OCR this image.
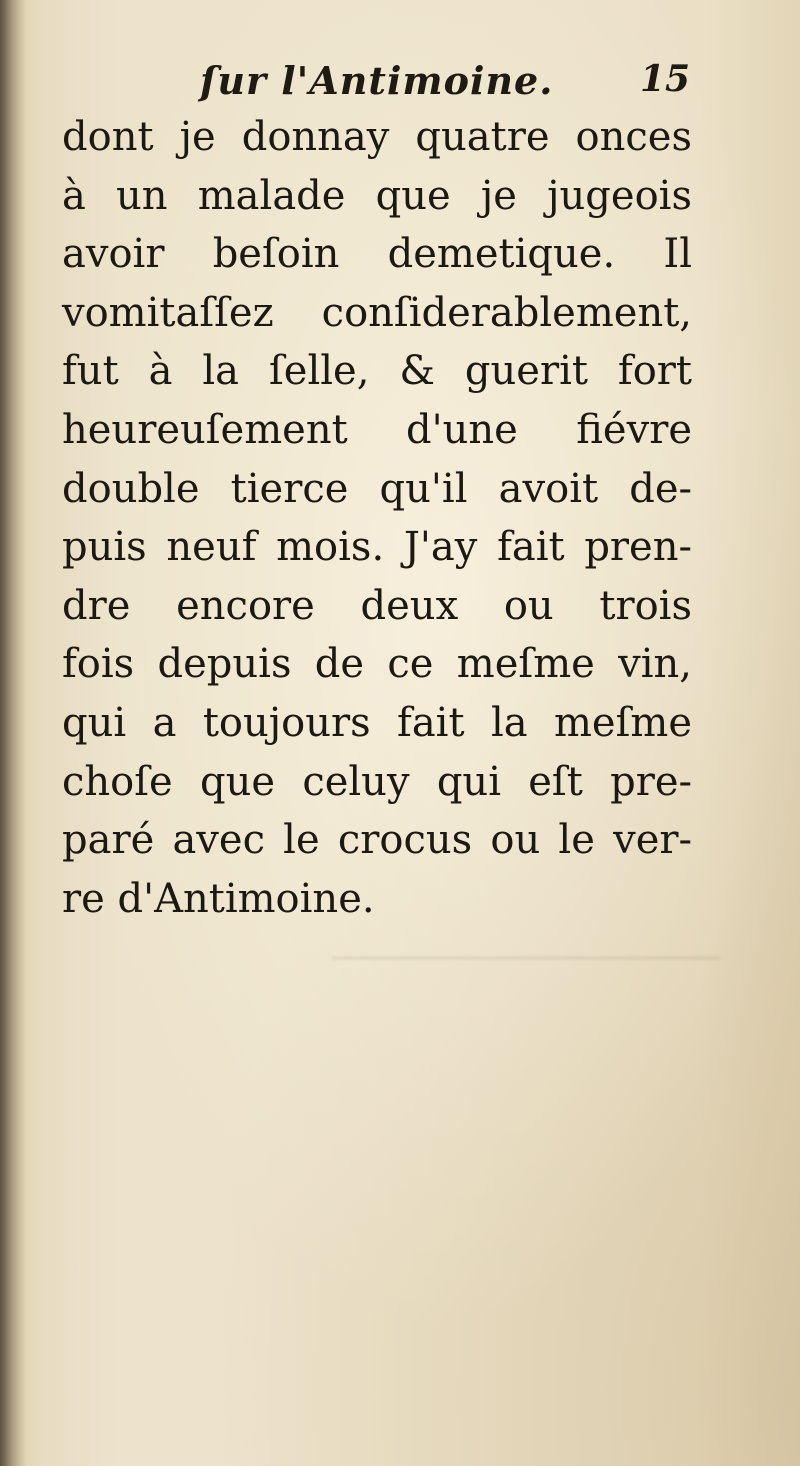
──────────────
ſur l'Antimoine. 15
dont je donnay quatre onces
à un malade que je jugeois
avoir beſoin demetique. Il
vomitaſſez conſiderablement,
fut à la ſelle, & guerit fort
heureuſement d'une fiévre
double tierce qu'il avoit de-
puis neuf mois. J'ay fait pren-
dre encore deux ou trois
fois depuis de ce meſme vin,
qui a toujours fait la meſme
choſe que celuy qui eſt pre-
paré avec le crocus ou le ver-
re d'Antimoine.
